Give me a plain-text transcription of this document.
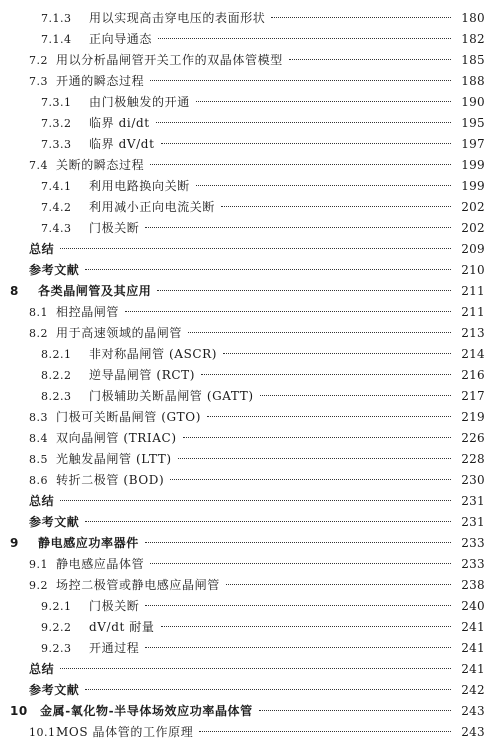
7.1.3	用以实现高击穿电压的表面形状	180
7.1.4	正向导通态	182
7.2 用以分析晶闸管开关工作的双晶体管模型	185
7.3 开通的瞬态过程	188
7.3.1	由门极触发的开通	190
7.3.2	临界 di/dt	195
7.3.3	临界 dV/dt	197
7.4 关断的瞬态过程	199
7.4.1	利用电路换向关断	199
7.4.2	利用减小正向电流关断	202
7.4.3	门极关断	202
总结	209
参考文献	210
8	各类晶闸管及其应用	211
8.1 相控晶闸管	211
8.2 用于高速领域的晶闸管	213
8.2.1	非对称晶闸管 (ASCR)	214
8.2.2	逆导晶闸管 (RCT)	216
8.2.3	门极辅助关断晶闸管 (GATT)	217
8.3 门极可关断晶闸管 (GTO)	219
8.4 双向晶闸管 (TRIAC)	226
8.5 光触发晶闸管 (LTT)	228
8.6 转折二极管 (BOD)	230
总结	231
参考文献	231
9	静电感应功率器件	233
9.1 静电感应晶体管	233
9.2 场控二极管或静电感应晶闸管	238
9.2.1	门极关断	240
9.2.2	dV/dt 耐量	241
9.2.3	开通过程	241
总结	241
参考文献	242
10	金属-氧化物-半导体场效应功率晶体管	243
10.1 MOS 晶体管的工作原理	243
